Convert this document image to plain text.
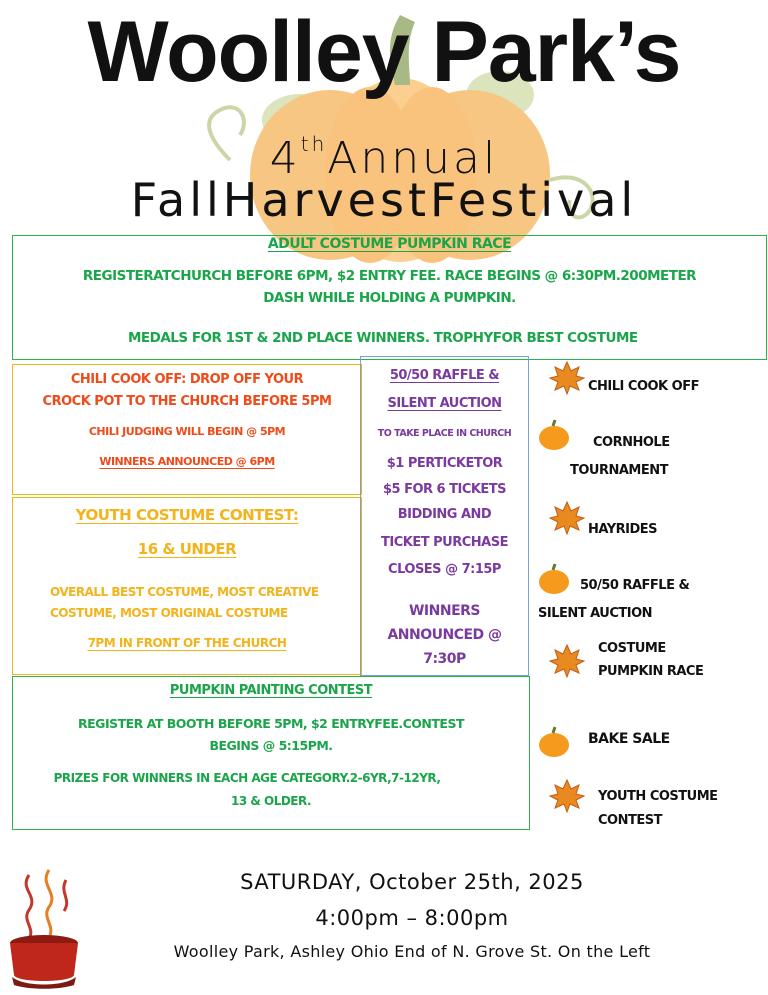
Woolley Park’s
4thAnnual
FallHarvestFestival
ADULT COSTUME PUMPKIN RACE
REGISTERATCHURCH BEFORE 6PM, $2 ENTRY FEE. RACE BEGINS @ 6:30PM.200METER
DASH WHILE HOLDING A PUMPKIN.
MEDALS FOR 1ST & 2ND PLACE WINNERS. TROPHYFOR BEST COSTUME
CHILI COOK OFF: DROP OFF YOUR
CROCK POT TO THE CHURCH BEFORE 5PM
CHILI JUDGING WILL BEGIN @ 5PM
WINNERS ANNOUNCED @ 6PM
YOUTH COSTUME CONTEST:
16 & UNDER
OVERALL BEST COSTUME, MOST CREATIVE
COSTUME, MOST ORIGINAL COSTUME
7PM IN FRONT OF THE CHURCH
50/50 RAFFLE &
SILENT AUCTION
TO TAKE PLACE IN CHURCH
$1 PERTICKETOR
$5 FOR 6 TICKETS
BIDDING AND
TICKET PURCHASE
CLOSES @ 7:15P
WINNERS
ANNOUNCED @
7:30P
PUMPKIN PAINTING CONTEST
REGISTER AT BOOTH BEFORE 5PM, $2 ENTRYFEE.CONTEST
BEGINS @ 5:15PM.
PRIZES FOR WINNERS IN EACH AGE CATEGORY.2-6YR,7-12YR,
13 & OLDER.
CHILI COOK OFF
CORNHOLE
TOURNAMENT
HAYRIDES
50/50 RAFFLE &
SILENT AUCTION
COSTUME
PUMPKIN RACE
BAKE SALE
YOUTH COSTUME
CONTEST
SATURDAY, October 25th, 2025
4:00pm – 8:00pm
Woolley Park, Ashley Ohio End of N. Grove St. On the Left
